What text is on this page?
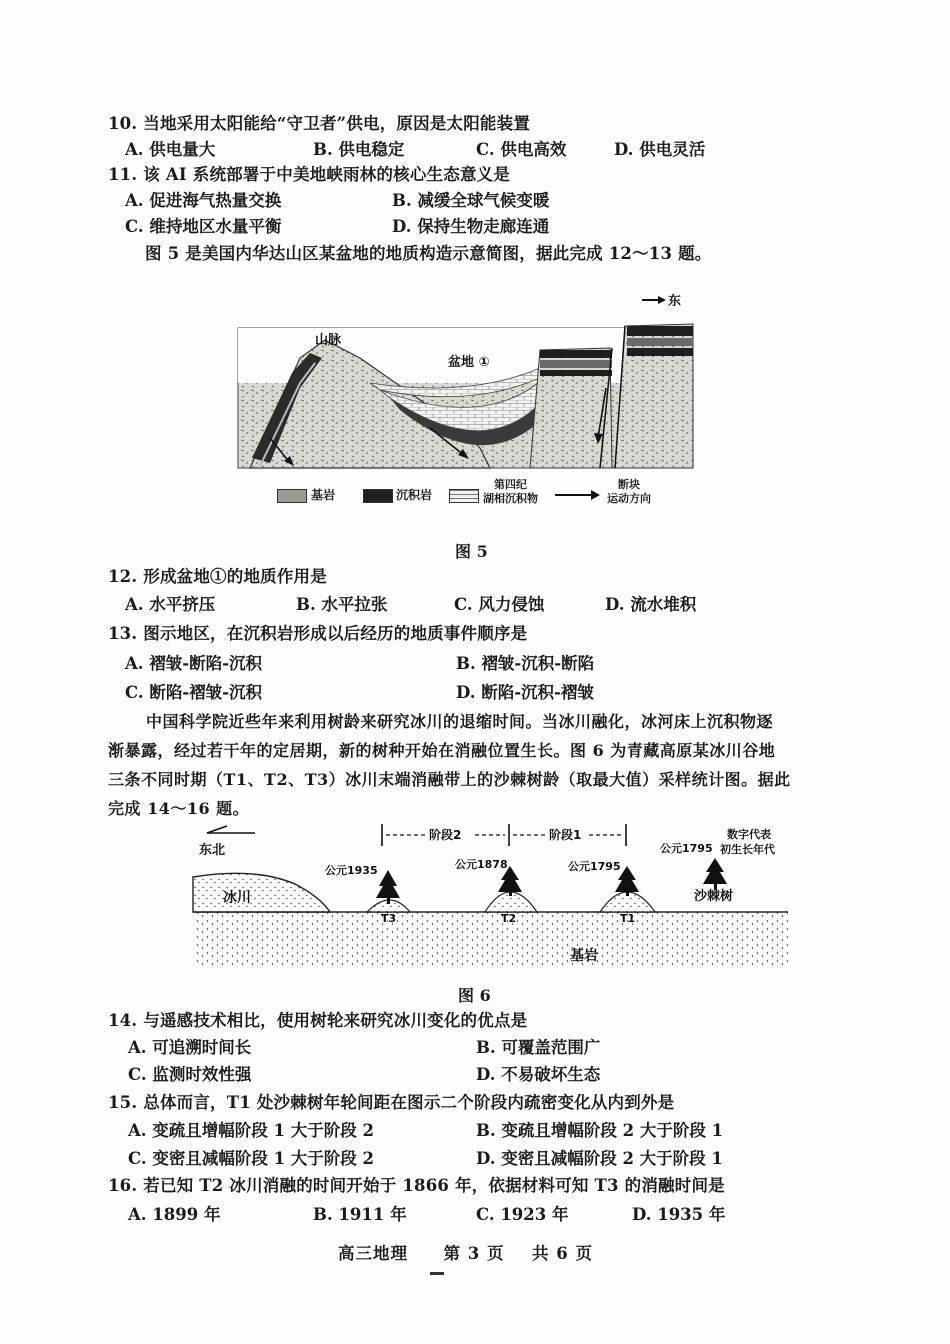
10. 当地采用太阳能给“守卫者”供电，原因是太阳能装置
A. 供电量大	B. 供电稳定	C. 供电高效	D. 供电灵活
11. 该 AI 系统部署于中美地峡雨林的核心生态意义是
A. 促进海气热量交换	B. 减缓全球气候变暖
C. 维持地区水量平衡	D. 保持生物走廊连通
图 5 是美国内华达山区某盆地的地质构造示意简图，据此完成 12～13 题。
东
山脉
盆地 ①
基岩	沉积岩
第四纪
湖相沉积物
断块
运动方向
图 5
12. 形成盆地①的地质作用是
A. 水平挤压	B. 水平拉张	C. 风力侵蚀	D. 流水堆积
13. 图示地区，在沉积岩形成以后经历的地质事件顺序是
A. 褶皱-断陷-沉积	B. 褶皱-沉积-断陷
C. 断陷-褶皱-沉积	D. 断陷-沉积-褶皱
中国科学院近些年来利用树龄来研究冰川的退缩时间。当冰川融化，冰河床上沉积物逐
渐暴露，经过若干年的定居期，新的树种开始在消融位置生长。图 6 为青藏高原某冰川谷地
三条不同时期（T1、T2、T3）冰川末端消融带上的沙棘树龄（取最大值）采样统计图。据此
完成 14～16 题。
东北
阶段2	阶段1
冰川
基岩
沙棘树
公元1795
数字代表
初生长年代
公元1935	公元1878	公元1795
T3	T2	T1
图 6
14. 与遥感技术相比，使用树轮来研究冰川变化的优点是
A. 可追溯时间长	B. 可覆盖范围广
C. 监测时效性强	D. 不易破坏生态
15. 总体而言，T1 处沙棘树年轮间距在图示二个阶段内疏密变化从内到外是
A. 变疏且增幅阶段 1 大于阶段 2	B. 变疏且增幅阶段 2 大于阶段 1
C. 变密且减幅阶段 1 大于阶段 2	D. 变密且减幅阶段 2 大于阶段 1
16. 若已知 T2 冰川消融的时间开始于 1866 年，依据材料可知 T3 的消融时间是
A. 1899 年	B. 1911 年	C. 1923 年	D. 1935 年
高三地理 第 3 页 共 6 页
